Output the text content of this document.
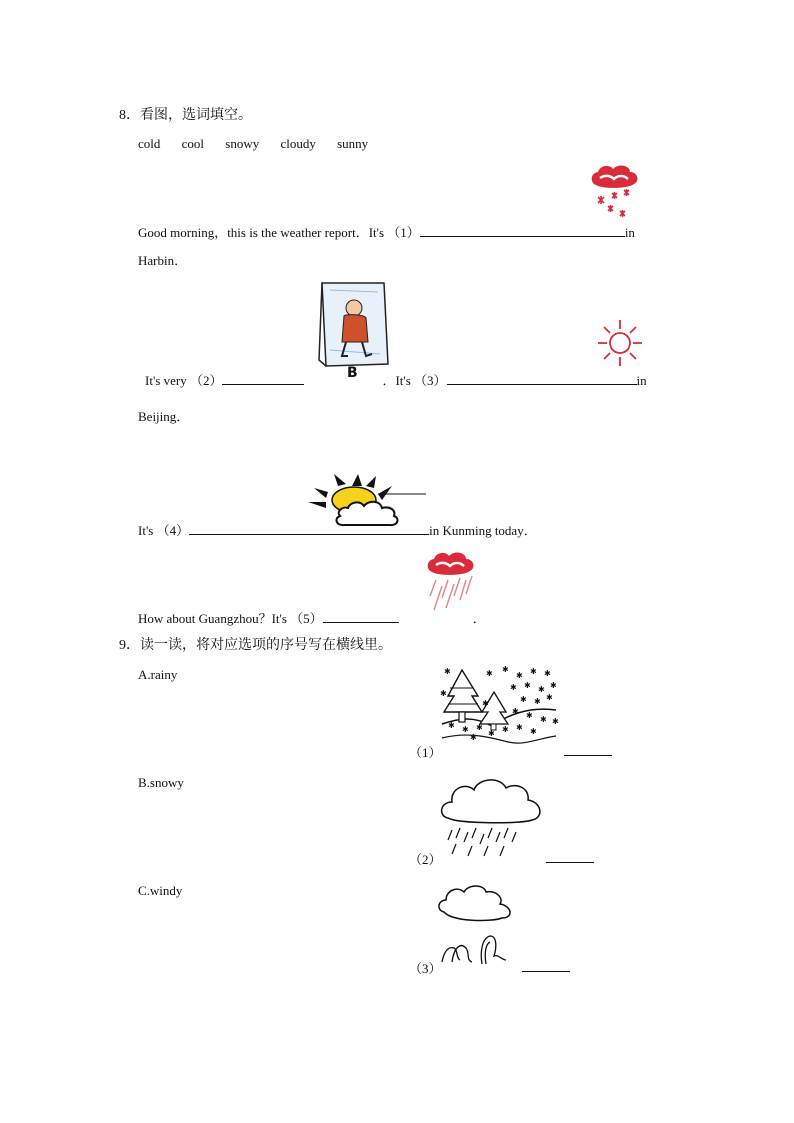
8．看图，选词填空。
cold cool snowy cloudy sunny
Good morning，this is the weather report．It's （1）	in
Harbin．
B
It's very （2）	．It's （3）	in
Beijing．
It's （4）	in Kunming today．
How about Guangzhou？It's （5）	．
9．读一读，将对应选项的序号写在横线里。
A.rainy
B.snowy
C.windy
✱	✱ ✱
✱ ✱ ✱
✱ ✱ ✱ ✱
✱ ✱ ✱
✱ ✱ ✱ ✱
✱ ✱ ✱
✱ ✱ ✱ ✱
✱
✱
✱
（1）
（2）
（3）
